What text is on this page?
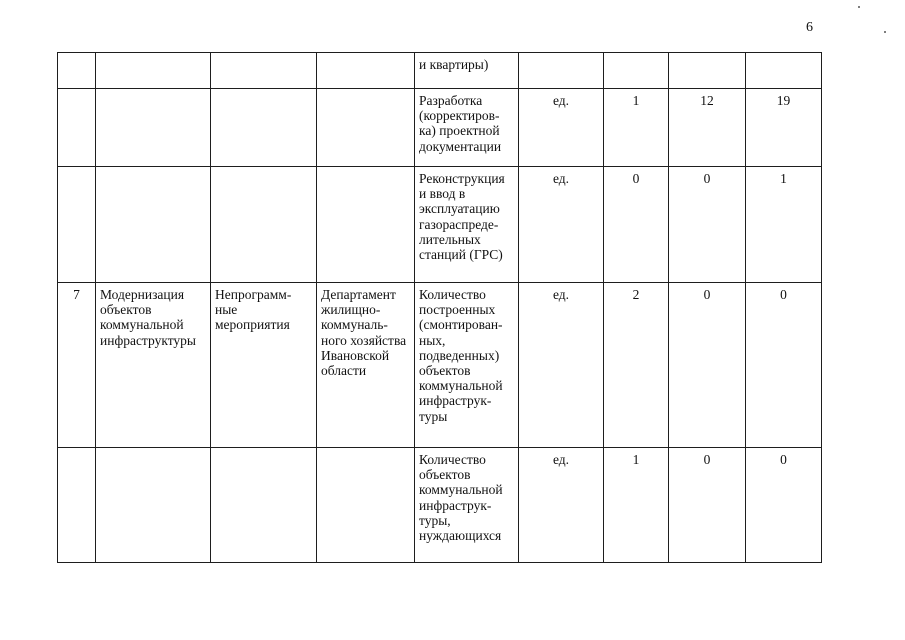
6
				и квартиры)				
				Разработка (корректиров-ка) проектной документации	ед.	1	12	19
				Реконструкция и ввод в эксплуатацию газораспреде-лительных станций (ГРС)	ед.	0	0	1
7	Модернизация объектов коммунальной инфраструктуры	Непрограмм-ные мероприятия	Департамент жилищно-коммуналь-ного хозяйства Ивановской области	Количество построенных (смонтирован-ных, подведенных) объектов коммунальной инфраструк-туры	ед.	2	0	0
				Количество объектов коммунальной инфраструк-туры, нуждающихся	ед.	1	0	0
